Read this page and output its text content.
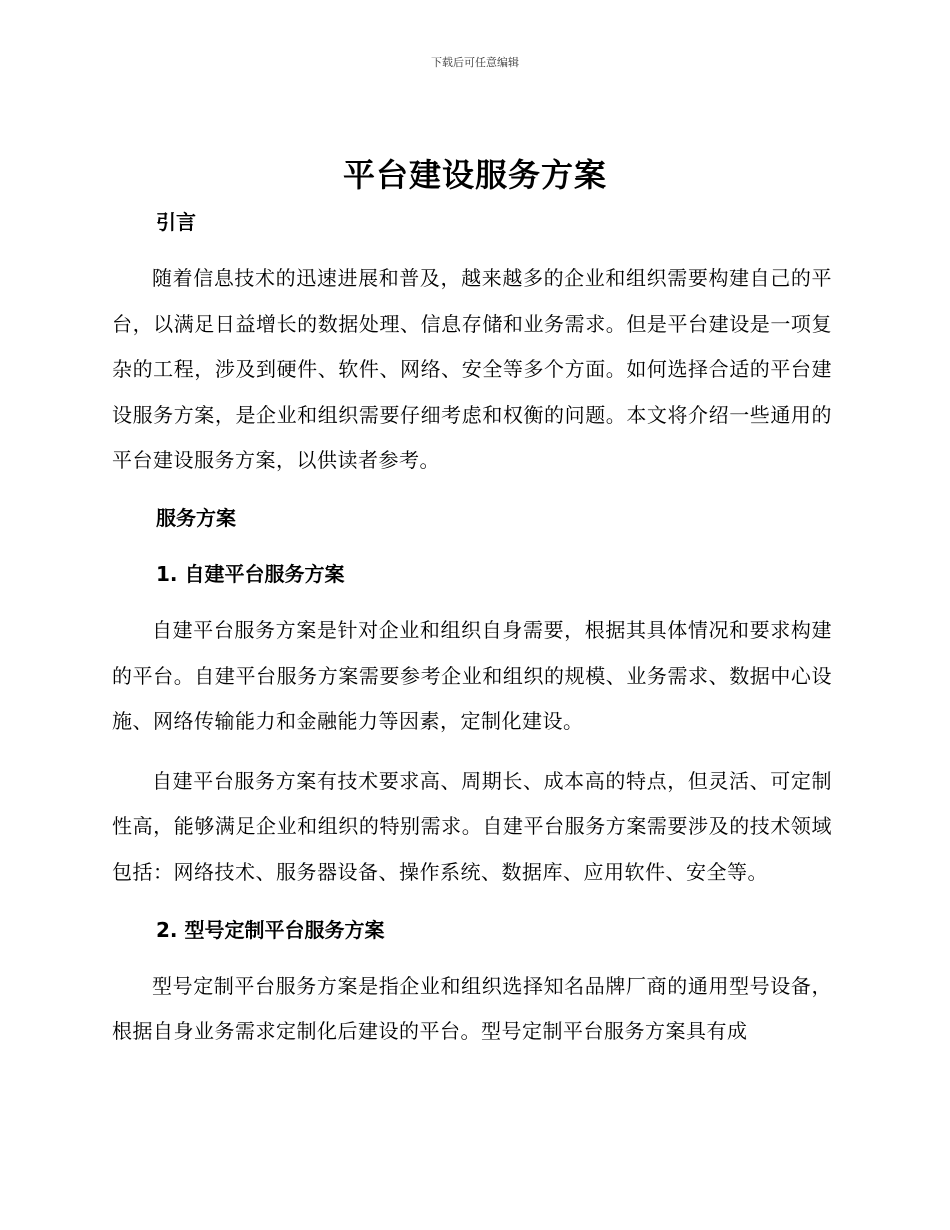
下载后可任意编辑
平台建设服务方案

引言

随着信息技术的迅速进展和普及，越来越多的企业和组织需要构建自己的平台，以满足日益增长的数据处理、信息存储和业务需求。但是平台建设是一项复杂的工程，涉及到硬件、软件、网络、安全等多个方面。如何选择合适的平台建设服务方案，是企业和组织需要仔细考虑和权衡的问题。本文将介绍一些通用的平台建设服务方案，以供读者参考。

服务方案

1. 自建平台服务方案

自建平台服务方案是针对企业和组织自身需要，根据其具体情况和要求构建的平台。自建平台服务方案需要参考企业和组织的规模、业务需求、数据中心设施、网络传输能力和金融能力等因素，定制化建设。

自建平台服务方案有技术要求高、周期长、成本高的特点，但灵活、可定制性高，能够满足企业和组织的特别需求。自建平台服务方案需要涉及的技术领域包括：网络技术、服务器设备、操作系统、数据库、应用软件、安全等。

2. 型号定制平台服务方案

型号定制平台服务方案是指企业和组织选择知名品牌厂商的通用型号设备，根据自身业务需求定制化后建设的平台。型号定制平台服务方案具有成
